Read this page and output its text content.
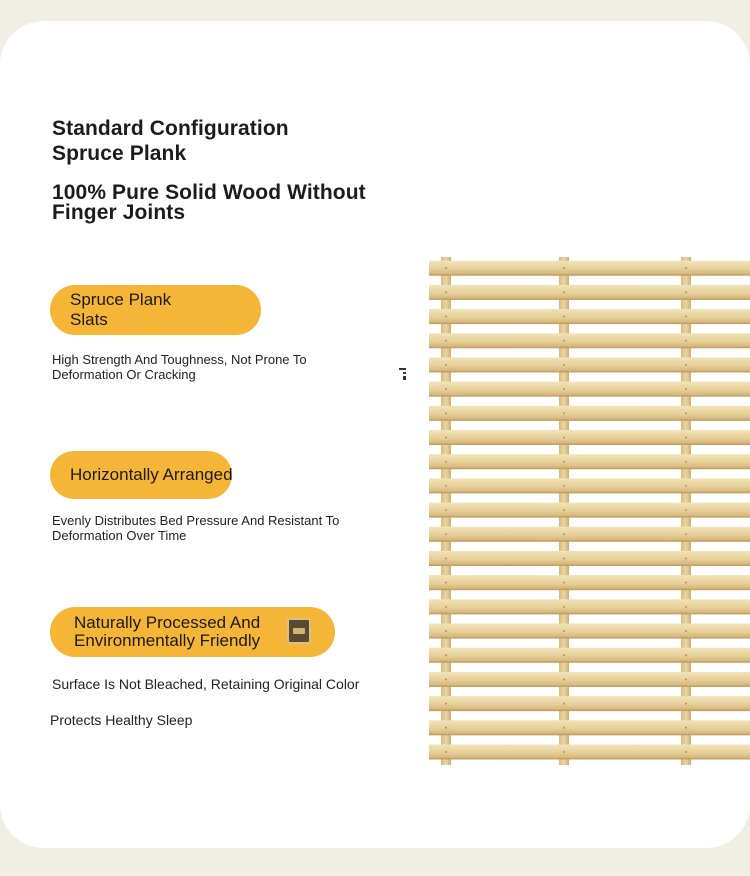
Standard Configuration
Spruce Plank
100% Pure Solid Wood Without Finger Joints
Spruce Plank Slats

High Strength And Toughness, Not Prone To Deformation Or Cracking

Horizontally Arranged

Evenly Distributes Bed Pressure And Resistant To Deformation Over Time

Naturally Processed And Environmentally Friendly

Surface Is Not Bleached, Retaining Original Color

Protects Healthy Sleep
